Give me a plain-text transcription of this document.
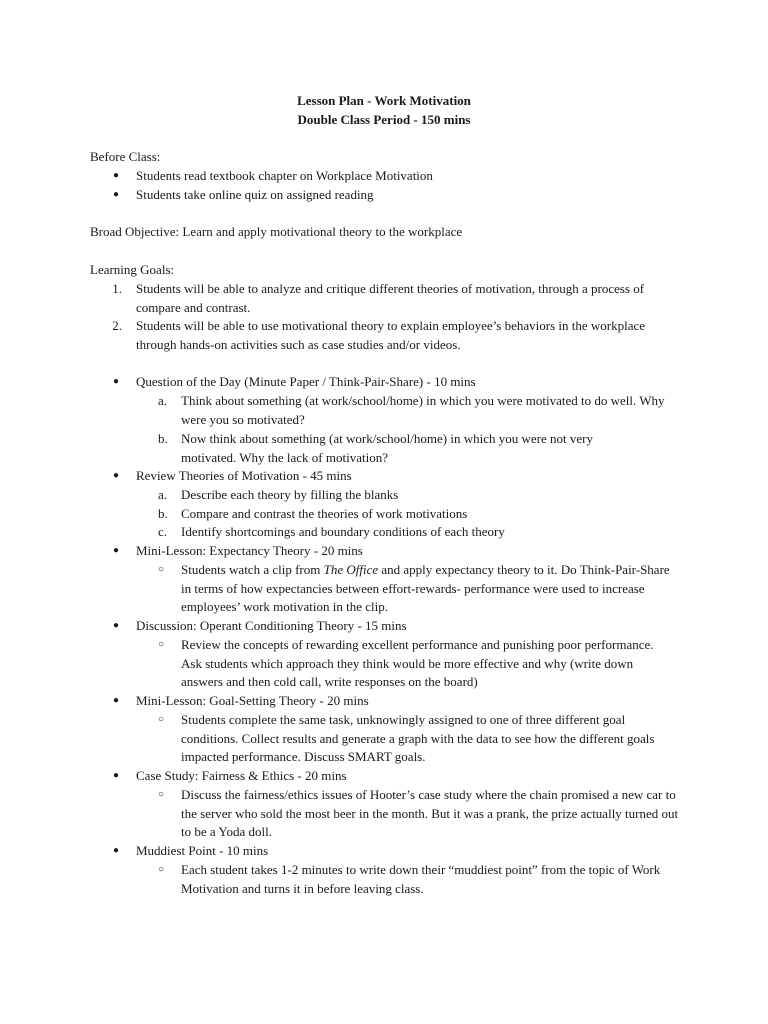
Lesson Plan - Work Motivation
Double Class Period - 150 mins
Before Class:
●	Students read textbook chapter on Workplace Motivation
●	Students take online quiz on assigned reading
Broad Objective: Learn and apply motivational theory to the workplace
Learning Goals:
1. Students will be able to analyze and critique different theories of motivation, through a process of compare and contrast.
2. Students will be able to use motivational theory to explain employee’s behaviors in the workplace through hands-on activities such as case studies and/or videos.
●	Question of the Day (Minute Paper / Think-Pair-Share) - 10 mins
a.	Think about something (at work/school/home) in which you were motivated to do well. Why were you so motivated?
b.	Now think about something (at work/school/home) in which you were not very motivated. Why the lack of motivation?
●	Review Theories of Motivation - 45 mins
a.	Describe each theory by filling the blanks
b.	Compare and contrast the theories of work motivations
c.	Identify shortcomings and boundary conditions of each theory
●	Mini-Lesson: Expectancy Theory - 20 mins
○	Students watch a clip from The Office and apply expectancy theory to it. Do Think-Pair-Share in terms of how expectancies between effort-rewards- performance were used to increase employees’ work motivation in the clip.
●	Discussion: Operant Conditioning Theory - 15 mins
○	Review the concepts of rewarding excellent performance and punishing poor performance. Ask students which approach they think would be more effective and why (write down answers and then cold call, write responses on the board)
●	Mini-Lesson: Goal-Setting Theory - 20 mins
○	Students complete the same task, unknowingly assigned to one of three different goal conditions. Collect results and generate a graph with the data to see how the different goals impacted performance. Discuss SMART goals.
●	Case Study: Fairness & Ethics - 20 mins
○	Discuss the fairness/ethics issues of Hooter’s case study where the chain promised a new car to the server who sold the most beer in the month. But it was a prank, the prize actually turned out to be a Yoda doll.
●	Muddiest Point - 10 mins
○	Each student takes 1-2 minutes to write down their “muddiest point” from the topic of Work Motivation and turns it in before leaving class.
